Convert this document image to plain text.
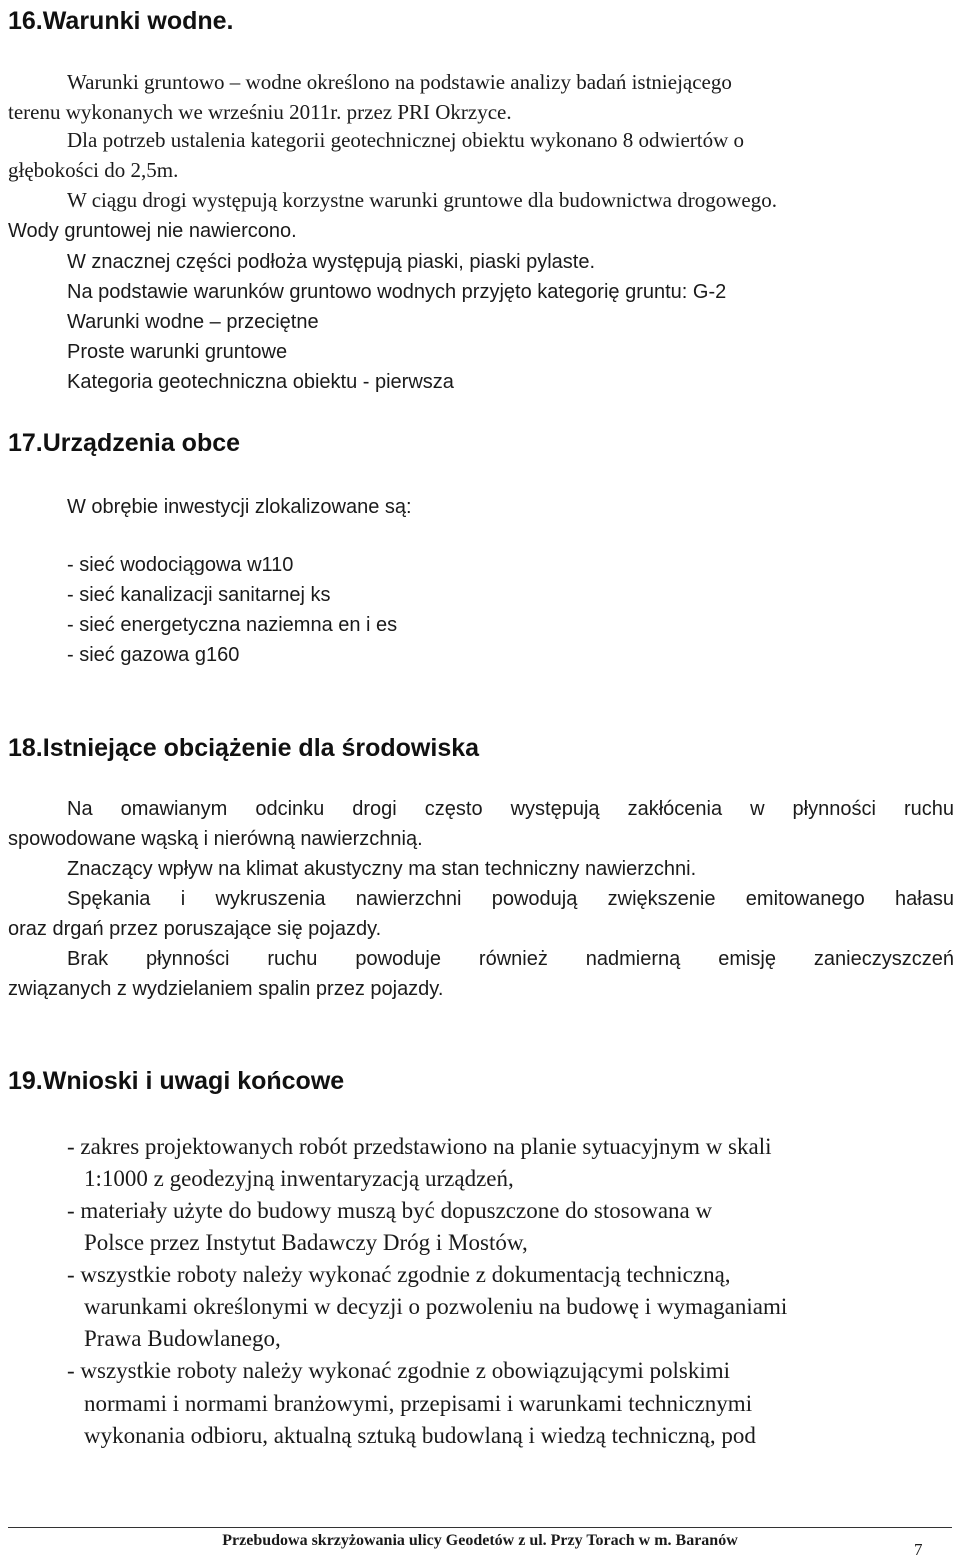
16.Warunki wodne.
Warunki gruntowo – wodne określono na podstawie analizy badań istniejącego
terenu wykonanych we wrześniu 2011r. przez PRI Okrzyce.
Dla potrzeb ustalenia kategorii geotechnicznej obiektu wykonano 8 odwiertów o
głębokości do 2,5m.
W ciągu drogi występują korzystne warunki gruntowe dla budownictwa drogowego.
Wody gruntowej nie nawiercono.
W znacznej części podłoża występują piaski, piaski pylaste.
Na podstawie warunków gruntowo wodnych przyjęto kategorię gruntu: G-2
Warunki wodne – przeciętne
Proste warunki gruntowe
Kategoria geotechniczna obiektu - pierwsza
17.Urządzenia obce
W obrębie inwestycji zlokalizowane są:
- sieć wodociągowa w110
- sieć kanalizacji sanitarnej ks
- sieć energetyczna naziemna en i es
- sieć gazowa g160
18.Istniejące obciążenie dla środowiska
Na omawianym odcinku drogi często występują zakłócenia w płynności ruchu
spowodowane wąską i nierówną nawierzchnią.
Znaczący wpływ na klimat akustyczny ma stan techniczny nawierzchni.
Spękania i wykruszenia nawierzchni powodują zwiększenie emitowanego hałasu
oraz drgań przez poruszające się pojazdy.
Brak płynności ruchu powoduje również nadmierną emisję zanieczyszczeń
związanych z wydzielaniem spalin przez pojazdy.
19.Wnioski i uwagi końcowe
- zakres projektowanych robót przedstawiono na planie sytuacyjnym w skali
1:1000 z geodezyjną inwentaryzacją urządzeń,
- materiały użyte do budowy muszą być dopuszczone do stosowana w
Polsce przez Instytut Badawczy Dróg i Mostów,
- wszystkie roboty należy wykonać zgodnie z dokumentacją techniczną,
warunkami określonymi w decyzji o pozwoleniu na budowę i wymaganiami
Prawa Budowlanego,
- wszystkie roboty należy wykonać zgodnie z obowiązującymi polskimi
normami i normami branżowymi, przepisami i warunkami technicznymi
wykonania odbioru, aktualną sztuką budowlaną i wiedzą techniczną, pod
Przebudowa skrzyżowania ulicy Geodetów z ul. Przy Torach w m. Baranów	7
